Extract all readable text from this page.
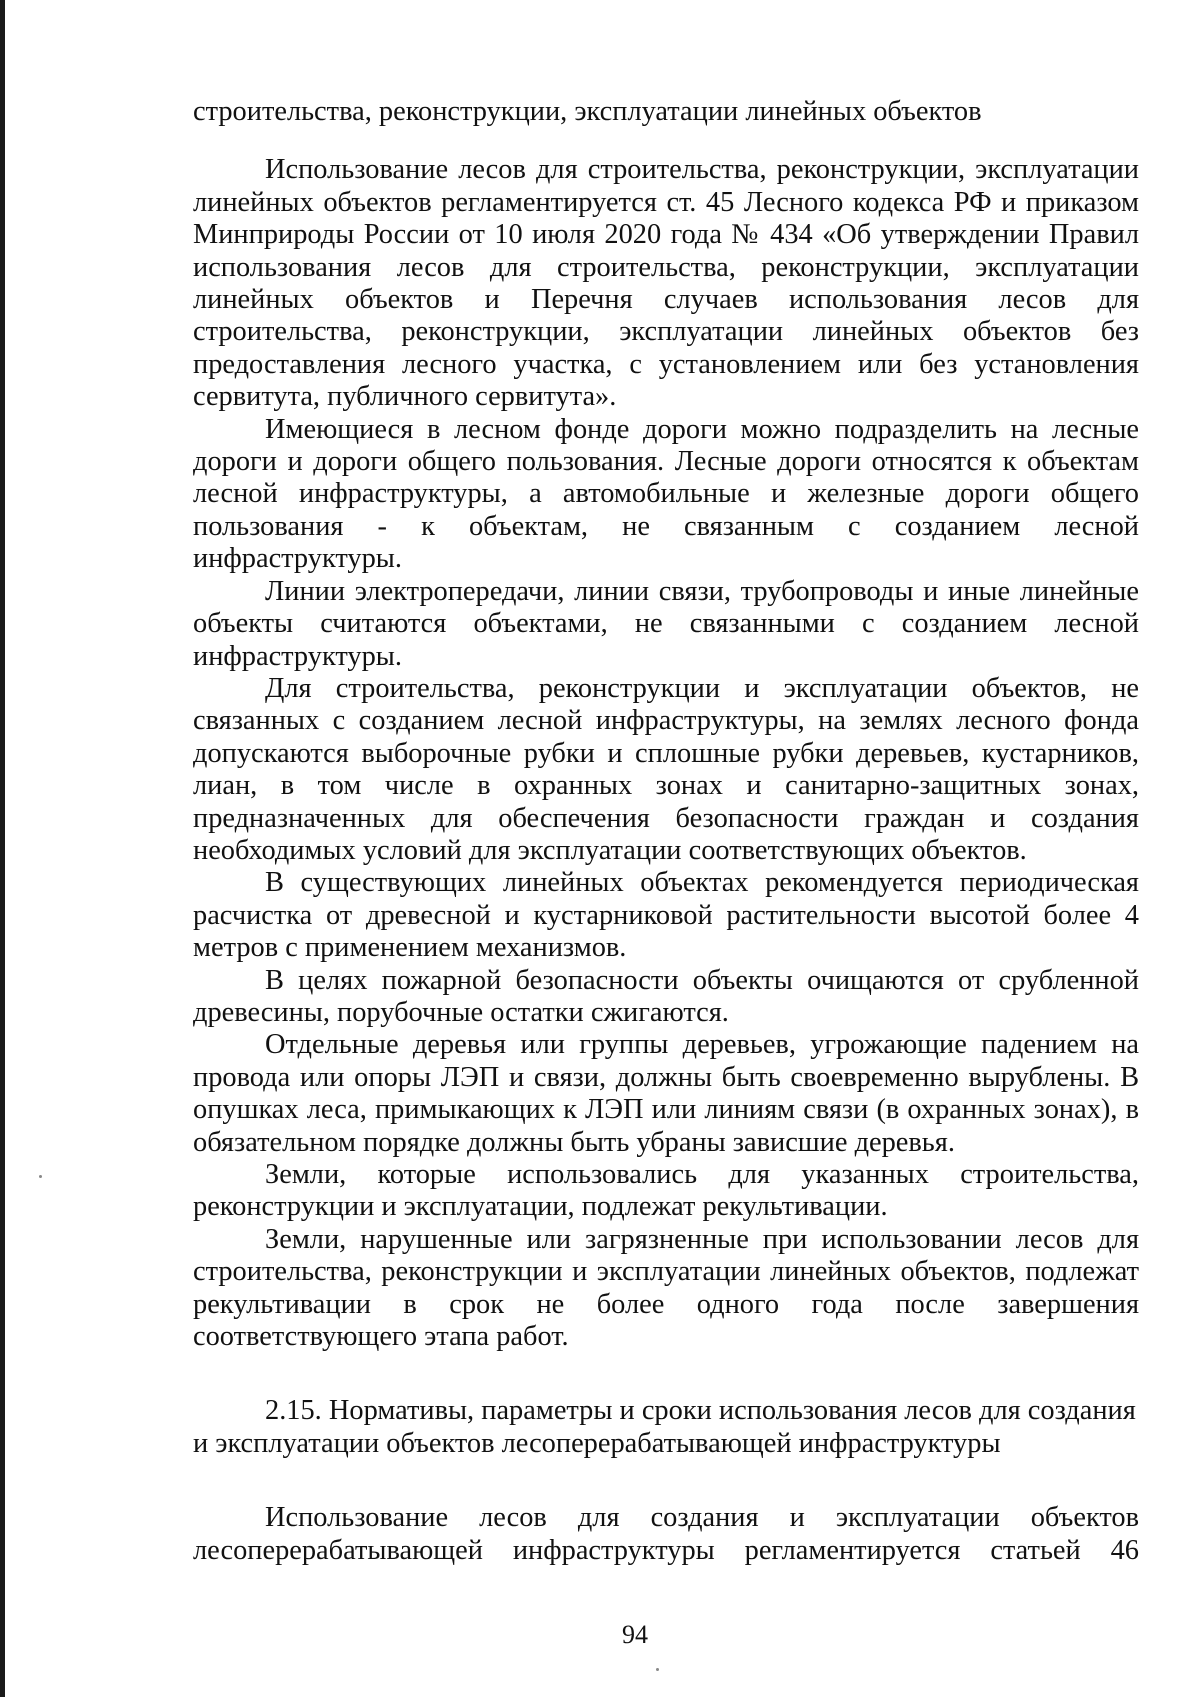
строительства, реконструкции, эксплуатации линейных объектов

Использование лесов для строительства, реконструкции, эксплуатации линейных объектов регламентируется ст. 45 Лесного кодекса РФ и приказом Минприроды России от 10 июля 2020 года № 434 «Об утверждении Правил использования лесов для строительства, реконструкции, эксплуатации линейных объектов и Перечня случаев использования лесов для строительства, реконструкции, эксплуатации линейных объектов без предоставления лесного участка, с установлением или без установления сервитута, публичного сервитута».

Имеющиеся в лесном фонде дороги можно подразделить на лесные дороги и дороги общего пользования. Лесные дороги относятся к объектам лесной инфраструктуры, а автомобильные и железные дороги общего пользования - к объектам, не связанным с созданием лесной инфраструктуры.

Линии электропередачи, линии связи, трубопроводы и иные линейные объекты считаются объектами, не связанными с созданием лесной инфраструктуры.

Для строительства, реконструкции и эксплуатации объектов, не связанных с созданием лесной инфраструктуры, на землях лесного фонда допускаются выборочные рубки и сплошные рубки деревьев, кустарников, лиан, в том числе в охранных зонах и санитарно-защитных зонах, предназначенных для обеспечения безопасности граждан и создания необходимых условий для эксплуатации соответствующих объектов.

В существующих линейных объектах рекомендуется периодическая расчистка от древесной и кустарниковой растительности высотой более 4 метров с применением механизмов.

В целях пожарной безопасности объекты очищаются от срубленной древесины, порубочные остатки сжигаются.

Отдельные деревья или группы деревьев, угрожающие падением на провода или опоры ЛЭП и связи, должны быть своевременно вырублены. В опушках леса, примыкающих к ЛЭП или линиям связи (в охранных зонах), в обязательном порядке должны быть убраны зависшие деревья.

Земли, которые использовались для указанных строительства, реконструкции и эксплуатации, подлежат рекультивации.

Земли, нарушенные или загрязненные при использовании лесов для строительства, реконструкции и эксплуатации линейных объектов, подлежат рекультивации в срок не более одного года после завершения соответствующего этапа работ.

2.15. Нормативы, параметры и сроки использования лесов для создания и эксплуатации объектов лесоперерабатывающей инфраструктуры

Использование лесов для создания и эксплуатации объектов лесоперерабатывающей инфраструктуры регламентируется статьей 46

94
